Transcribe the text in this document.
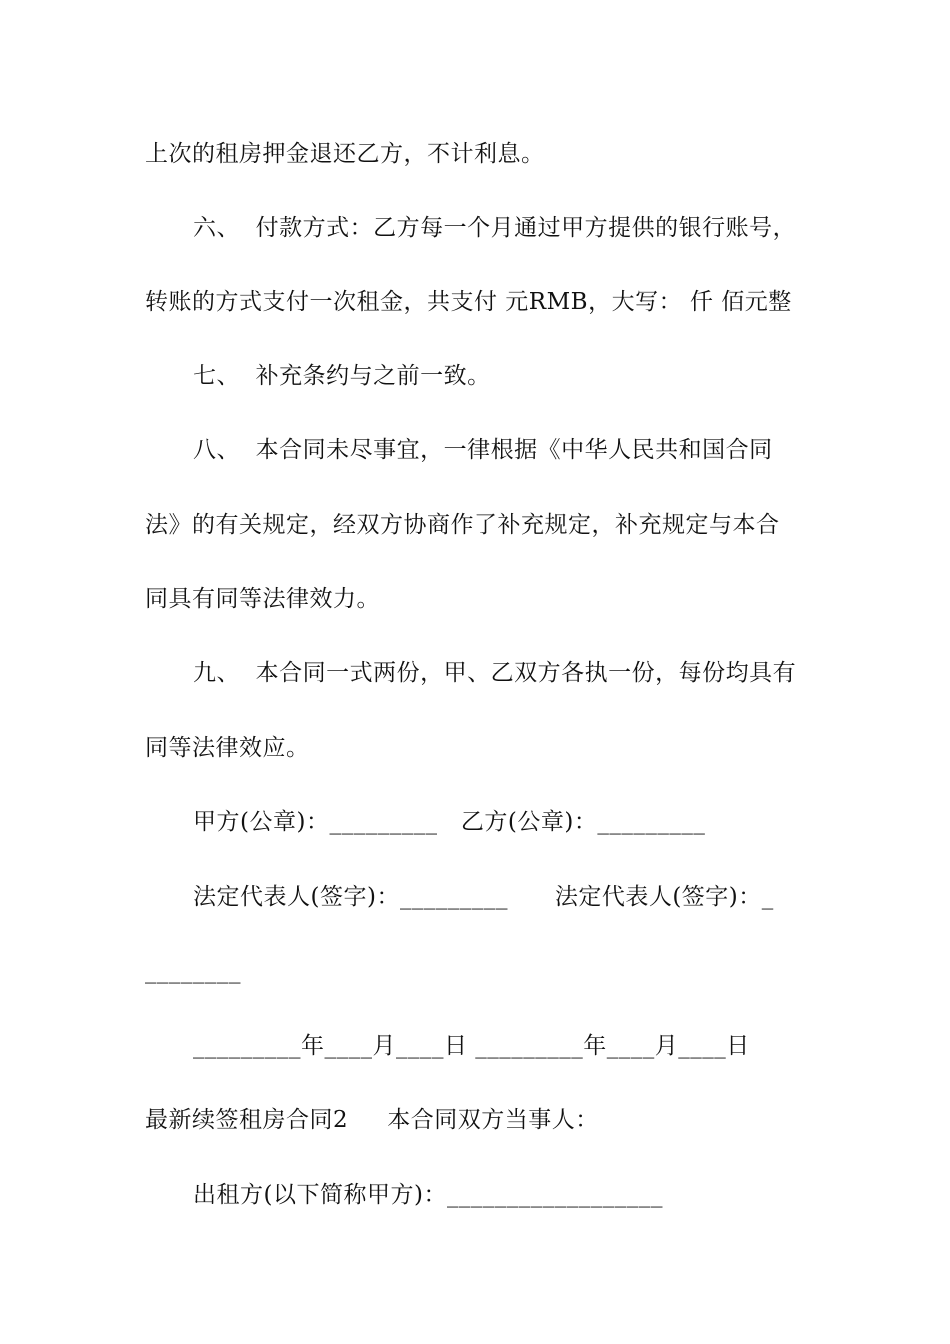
上次的租房押金退还乙方，不计利息。
六、  付款方式：乙方每一个月通过甲方提供的银行账号，
转账的方式支付一次租金，共支付 元RMB，大写： 仟 佰元整
七、  补充条约与之前一致。
八、  本合同未尽事宜，一律根据《中华人民共和国合同
法》的有关规定，经双方协商作了补充规定，补充规定与本合
同具有同等法律效力。
九、  本合同一式两份，甲、乙双方各执一份，每份均具有
同等法律效应。
甲方(公章)：_________   乙方(公章)：_________
法定代表人(签字)：_________      法定代表人(签字)：_
________
_________年____月____日 _________年____月____日
最新续签租房合同2     本合同双方当事人：
出租方(以下简称甲方)：__________________
